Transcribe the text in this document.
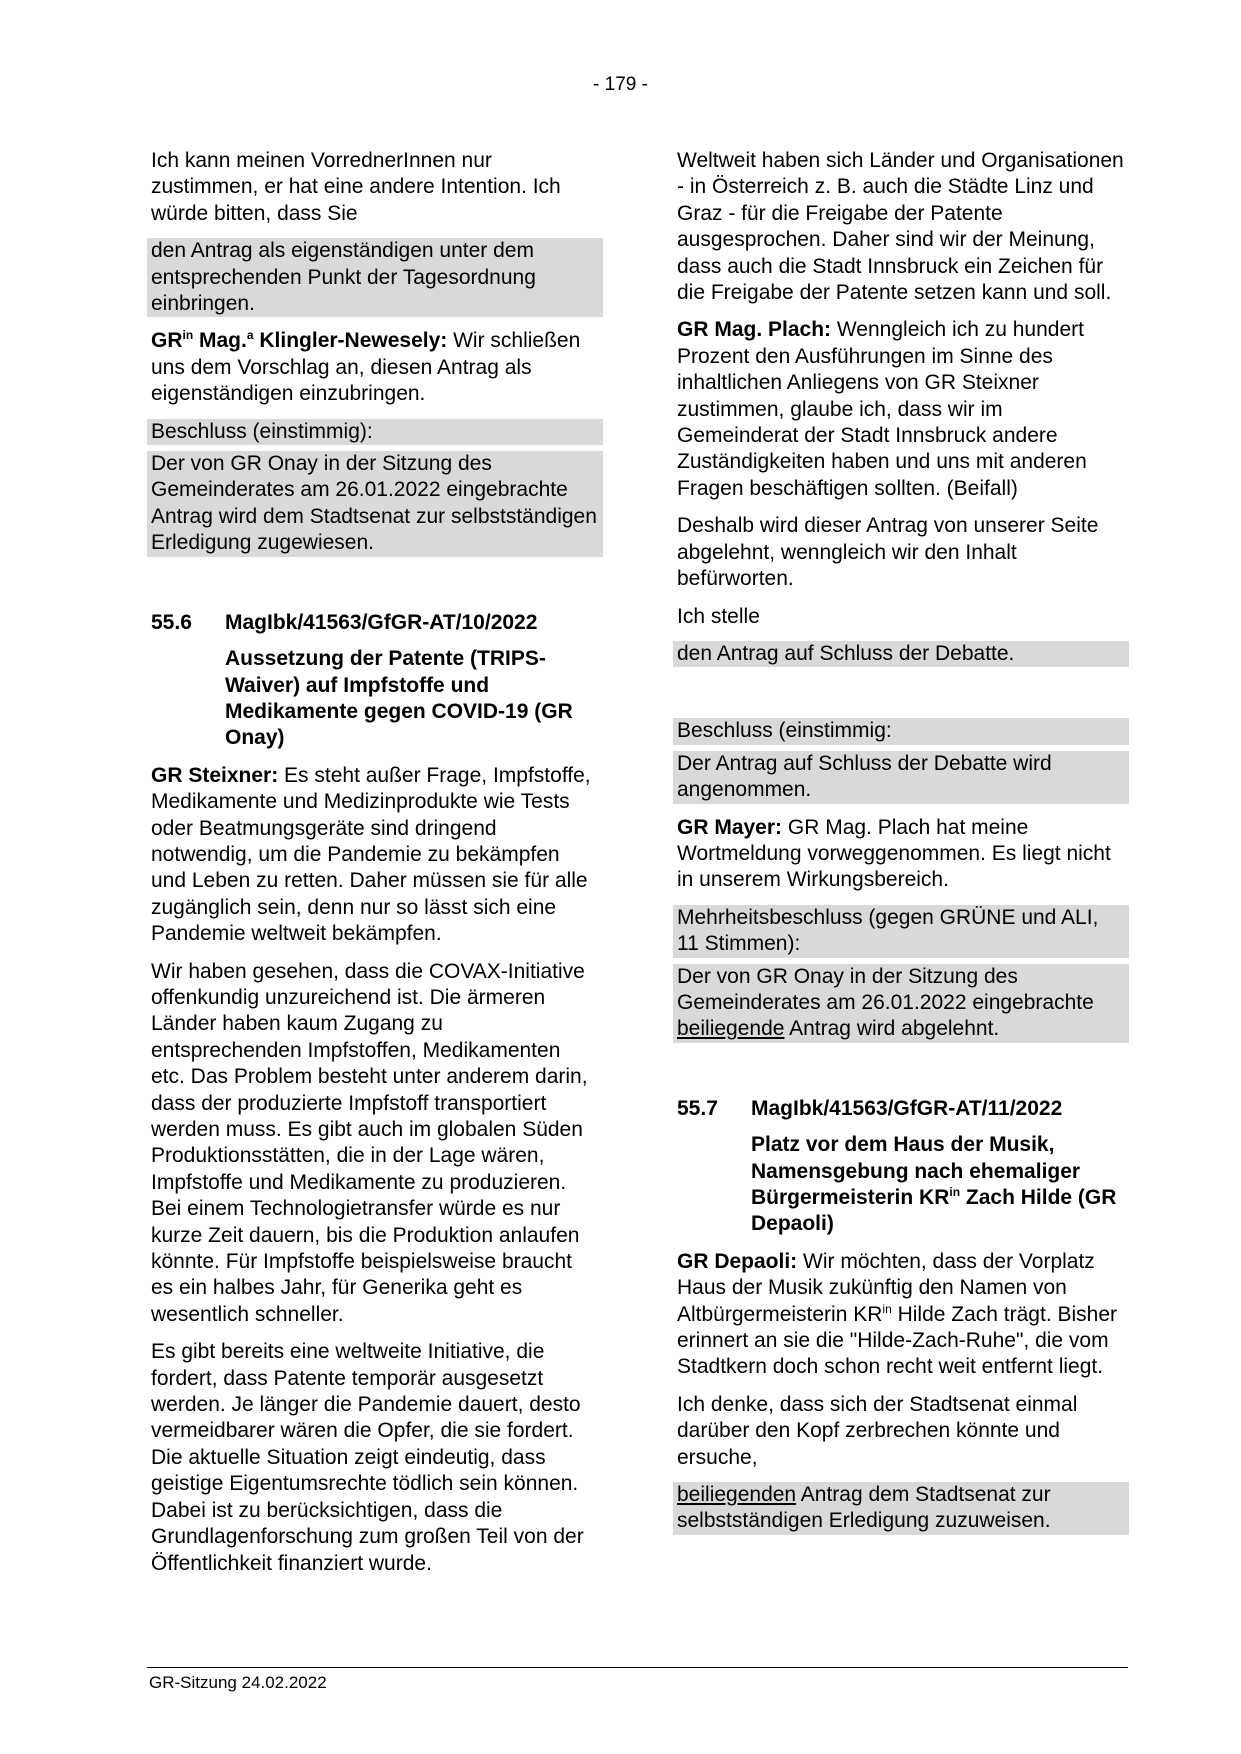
- 179 -

Ich kann meinen VorrednerInnen nur zustimmen, er hat eine andere Intention. Ich würde bitten, dass Sie

den Antrag als eigenständigen unter dem entsprechenden Punkt der Tagesordnung einbringen.

$GR^{in}$ Mag.$^a$ Klingler-Newesely: Wir schließen uns dem Vorschlag an, diesen Antrag als eigenständigen einzubringen.

Beschluss (einstimmig):

Der von GR Onay in der Sitzung des Gemeinderates am 26.01.2022 eingebrachte Antrag wird dem Stadtsenat zur selbstständigen Erledigung zugewiesen.

55.6	MagIbk/41563/GfGR-AT/10/2022

Aussetzung der Patente (TRIPS-Waiver) auf Impfstoffe und Medikamente gegen COVID-19 (GR Onay)

GR Steixner: Es steht außer Frage, Impfstoffe, Medikamente und Medizinprodukte wie Tests oder Beatmungsgeräte sind dringend notwendig, um die Pandemie zu bekämpfen und Leben zu retten. Daher müssen sie für alle zugänglich sein, denn nur so lässt sich eine Pandemie weltweit bekämpfen.

Wir haben gesehen, dass die COVAX-Initiative offenkundig unzureichend ist. Die ärmeren Länder haben kaum Zugang zu entsprechenden Impfstoffen, Medikamenten etc. Das Problem besteht unter anderem darin, dass der produzierte Impfstoff transportiert werden muss. Es gibt auch im globalen Süden Produktionsstätten, die in der Lage wären, Impfstoffe und Medikamente zu produzieren. Bei einem Technologietransfer würde es nur kurze Zeit dauern, bis die Produktion anlaufen könnte. Für Impfstoffe beispielsweise braucht es ein halbes Jahr, für Generika geht es wesentlich schneller.

Es gibt bereits eine weltweite Initiative, die fordert, dass Patente temporär ausgesetzt werden. Je länger die Pandemie dauert, desto vermeidbarer wären die Opfer, die sie fordert. Die aktuelle Situation zeigt eindeutig, dass geistige Eigentumsrechte tödlich sein können. Dabei ist zu berücksichtigen, dass die Grundlagenforschung zum großen Teil von der Öffentlichkeit finanziert wurde.

Weltweit haben sich Länder und Organisationen - in Österreich z. B. auch die Städte Linz und Graz - für die Freigabe der Patente ausgesprochen. Daher sind wir der Meinung, dass auch die Stadt Innsbruck ein Zeichen für die Freigabe der Patente setzen kann und soll.

GR Mag. Plach: Wenngleich ich zu hundert Prozent den Ausführungen im Sinne des inhaltlichen Anliegens von GR Steixner zustimmen, glaube ich, dass wir im Gemeinderat der Stadt Innsbruck andere Zuständigkeiten haben und uns mit anderen Fragen beschäftigen sollten. (Beifall)

Deshalb wird dieser Antrag von unserer Seite abgelehnt, wenngleich wir den Inhalt befürworten.

Ich stelle

den Antrag auf Schluss der Debatte.

Beschluss (einstimmig:

Der Antrag auf Schluss der Debatte wird angenommen.

GR Mayer: GR Mag. Plach hat meine Wortmeldung vorweggenommen. Es liegt nicht in unserem Wirkungsbereich.

Mehrheitsbeschluss (gegen GRÜNE und ALI, 11 Stimmen):

Der von GR Onay in der Sitzung des Gemeinderates am 26.01.2022 eingebrachte beiliegende Antrag wird abgelehnt.

55.7	MagIbk/41563/GfGR-AT/11/2022

Platz vor dem Haus der Musik, Namensgebung nach ehemaliger Bürgermeisterin $KR^{in}$ Zach Hilde (GR Depaoli)

GR Depaoli: Wir möchten, dass der Vorplatz Haus der Musik zukünftig den Namen von Altbürgermeisterin $KR^{in}$ Hilde Zach trägt. Bisher erinnert an sie die "Hilde-Zach-Ruhe", die vom Stadtkern doch schon recht weit entfernt liegt.

Ich denke, dass sich der Stadtsenat einmal darüber den Kopf zerbrechen könnte und ersuche,

beiliegenden Antrag dem Stadtsenat zur selbstständigen Erledigung zuzuweisen.

GR-Sitzung 24.02.2022
